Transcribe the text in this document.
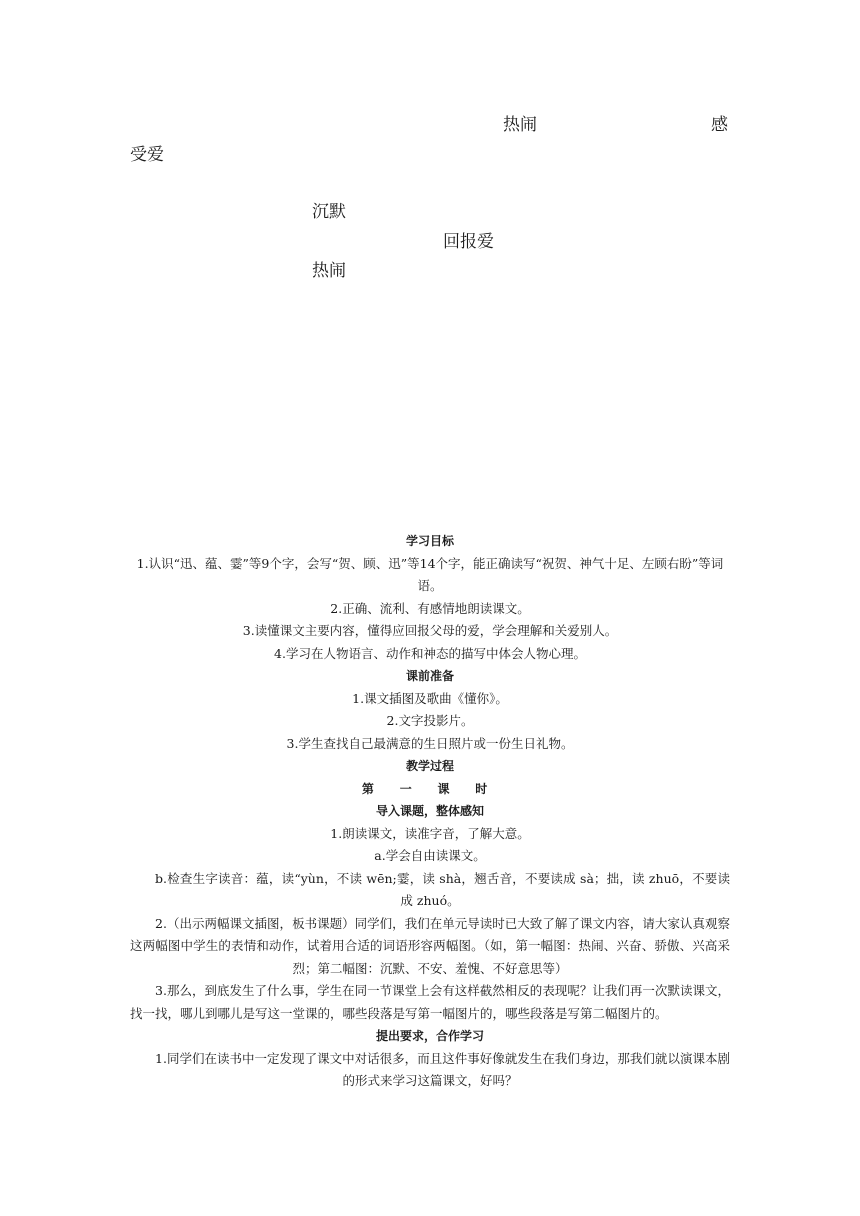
热闹	感
受爱
沉默
回报爱
热闹
学习目标
1.认识“迅、蕴、霎”等9个字，会写“贺、顾、迅”等14个字，能正确读写“祝贺、神气十足、左顾右盼”等词语。
2.正确、流利、有感情地朗读课文。
3.读懂课文主要内容，懂得应回报父母的爱，学会理解和关爱别人。
4.学习在人物语言、动作和神态的描写中体会人物心理。
课前准备
1.课文插图及歌曲《懂你》。
2.文字投影片。
3.学生查找自己最满意的生日照片或一份生日礼物。
教学过程
第 一 课 时
导入课题，整体感知
1.朗读课文，读准字音，了解大意。
a.学会自由读课文。
b.检查生字读音：蕴，读“yùn，不读 wēn;霎，读 shà，翘舌音，不要读成 sà；拙，读 zhuō，不要读成 zhuó。
2.（出示两幅课文插图，板书课题）同学们，我们在单元导读时已大致了解了课文内容，请大家认真观察这两幅图中学生的表情和动作，试着用合适的词语形容两幅图。（如，第一幅图：热闹、兴奋、骄傲、兴高采烈；第二幅图：沉默、不安、羞愧、不好意思等）
3.那么，到底发生了什么事，学生在同一节课堂上会有这样截然相反的表现呢？让我们再一次默读课文，找一找，哪儿到哪儿是写这一堂课的，哪些段落是写第一幅图片的，哪些段落是写第二幅图片的。
提出要求，合作学习
1.同学们在读书中一定发现了课文中对话很多，而且这件事好像就发生在我们身边，那我们就以演课本剧的形式来学习这篇课文，好吗？
